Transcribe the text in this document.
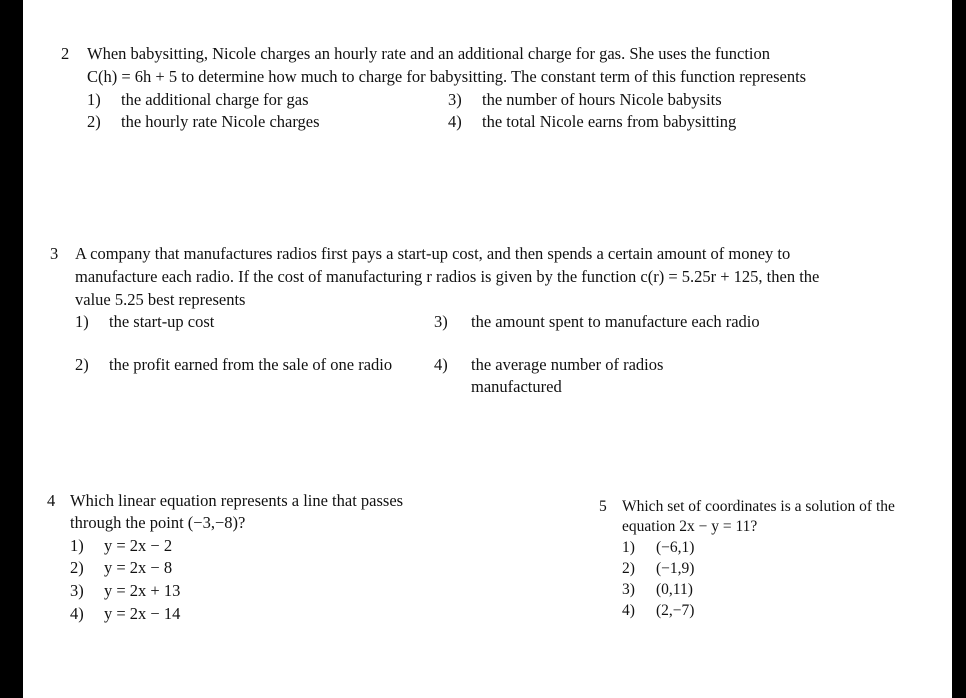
2 When babysitting, Nicole charges an hourly rate and an additional charge for gas. She uses the function
C(h) = 6h + 5 to determine how much to charge for babysitting. The constant term of this function represents
1) the additional charge for gas
2) the hourly rate Nicole charges
3) the number of hours Nicole babysits
4) the total Nicole earns from babysitting
3 A company that manufactures radios first pays a start-up cost, and then spends a certain amount of money to
manufacture each radio. If the cost of manufacturing r radios is given by the function c(r) = 5.25r + 125, then the
value 5.25 best represents
1) the start-up cost
2)	the profit earned from the sale of one radio
3)	the amount spent to manufacture each radio
4)	the average number of radios manufactured
4 Which linear equation represents a line that passes
through the point (−3,−8)?
1) y = 2x − 2
2) y = 2x − 8
3) y = 2x + 13
4) y = 2x − 14
5 Which set of coordinates is a solution of the
equation 2x − y = 11?
1) (−6,1)
2) (−1,9)
3) (0,11)
4) (2,−7)
